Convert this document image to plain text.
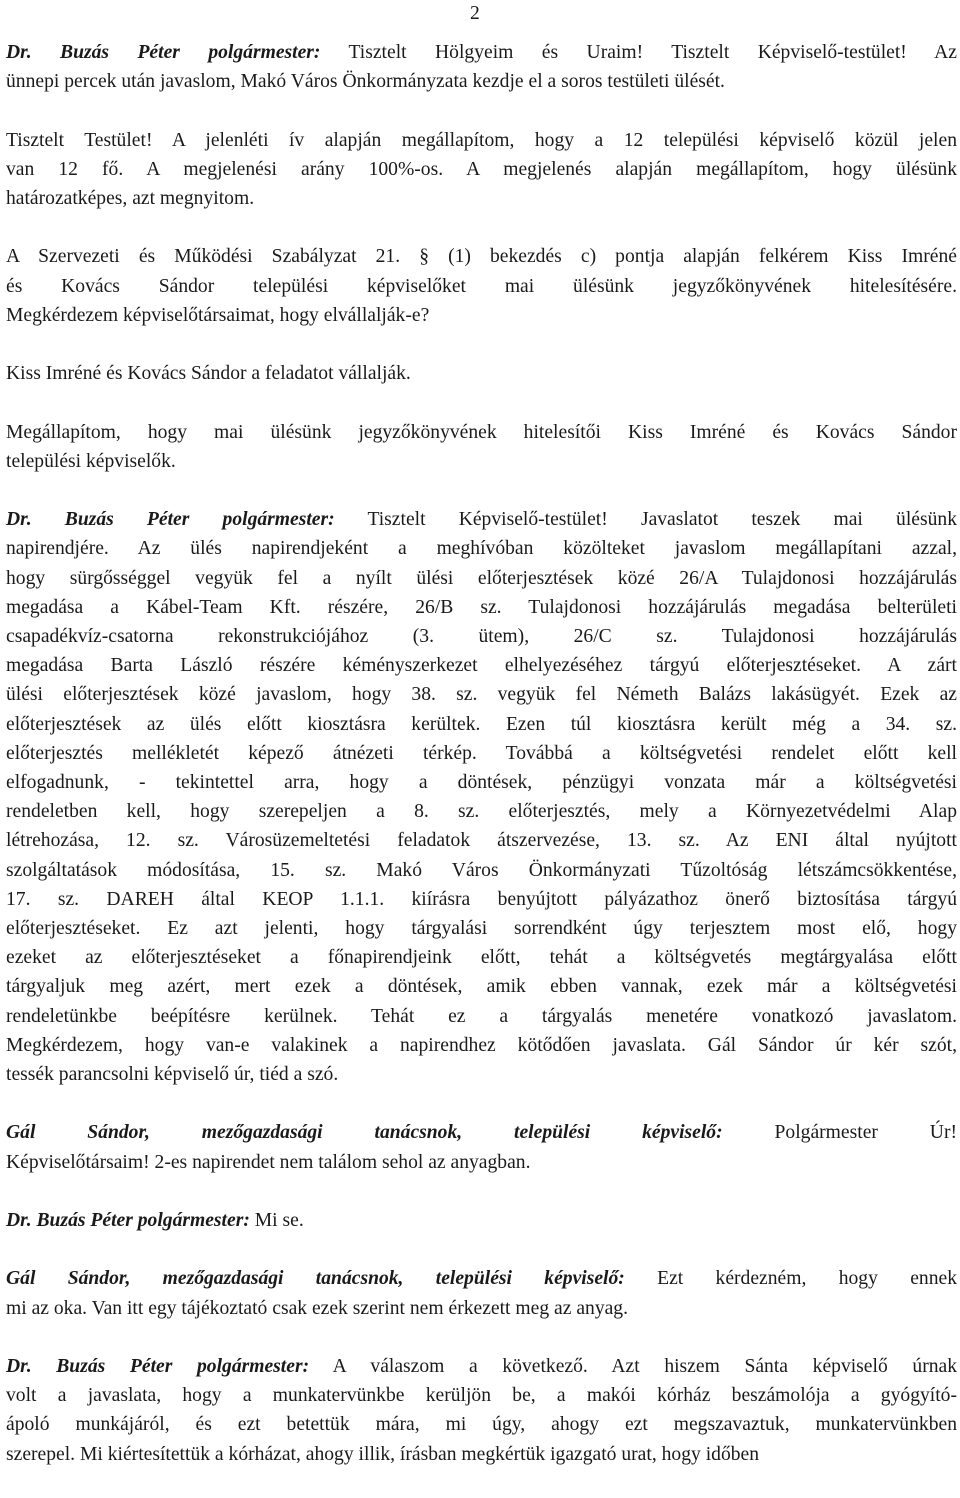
2
Dr. Buzás Péter polgármester: Tisztelt Hölgyeim és Uraim! Tisztelt Képviselő-testület! Az
ünnepi percek után javaslom, Makó Város Önkormányzata kezdje el a soros testületi ülését.
Tisztelt Testület! A jelenléti ív alapján megállapítom, hogy a 12 települési képviselő közül jelen
van 12 fő. A megjelenési arány 100%-os. A megjelenés alapján megállapítom, hogy ülésünk
határozatképes, azt megnyitom.
A Szervezeti és Működési Szabályzat 21. § (1) bekezdés c) pontja alapján felkérem Kiss Imréné
és Kovács Sándor települési képviselőket mai ülésünk jegyzőkönyvének hitelesítésére.
Megkérdezem képviselőtársaimat, hogy elvállalják-e?
Kiss Imréné és Kovács Sándor a feladatot vállalják.
Megállapítom, hogy mai ülésünk jegyzőkönyvének hitelesítői Kiss Imréné és Kovács Sándor
települési képviselők.
Dr. Buzás Péter polgármester: Tisztelt Képviselő-testület! Javaslatot teszek mai ülésünk
napirendjére. Az ülés napirendjeként a meghívóban közölteket javaslom megállapítani azzal,
hogy sürgősséggel vegyük fel a nyílt ülési előterjesztések közé 26/A Tulajdonosi hozzájárulás
megadása a Kábel-Team Kft. részére, 26/B sz. Tulajdonosi hozzájárulás megadása belterületi
csapadékvíz-csatorna rekonstrukciójához (3. ütem), 26/C sz. Tulajdonosi hozzájárulás
megadása Barta László részére kéményszerkezet elhelyezéséhez tárgyú előterjesztéseket. A zárt
ülési előterjesztések közé javaslom, hogy 38. sz. vegyük fel Németh Balázs lakásügyét. Ezek az
előterjesztések az ülés előtt kiosztásra kerültek. Ezen túl kiosztásra került még a 34. sz.
előterjesztés mellékletét képező átnézeti térkép. Továbbá a költségvetési rendelet előtt kell
elfogadnunk, - tekintettel arra, hogy a döntések, pénzügyi vonzata már a költségvetési
rendeletben kell, hogy szerepeljen a 8. sz. előterjesztés, mely a Környezetvédelmi Alap
létrehozása, 12. sz. Városüzemeltetési feladatok átszervezése, 13. sz. Az ENI által nyújtott
szolgáltatások módosítása, 15. sz. Makó Város Önkormányzati Tűzoltóság létszámcsökkentése,
17. sz. DAREH által KEOP 1.1.1. kiírásra benyújtott pályázathoz önerő biztosítása tárgyú
előterjesztéseket. Ez azt jelenti, hogy tárgyalási sorrendként úgy terjesztem most elő, hogy
ezeket az előterjesztéseket a főnapirendjeink előtt, tehát a költségvetés megtárgyalása előtt
tárgyaljuk meg azért, mert ezek a döntések, amik ebben vannak, ezek már a költségvetési
rendeletünkbe beépítésre kerülnek. Tehát ez a tárgyalás menetére vonatkozó javaslatom.
Megkérdezem, hogy van-e valakinek a napirendhez kötődően javaslata. Gál Sándor úr kér szót,
tessék parancsolni képviselő úr, tiéd a szó.
Gál Sándor, mezőgazdasági tanácsnok, települési képviselő: Polgármester Úr!
Képviselőtársaim! 2-es napirendet nem találom sehol az anyagban.
Dr. Buzás Péter polgármester: Mi se.
Gál Sándor, mezőgazdasági tanácsnok, települési képviselő: Ezt kérdezném, hogy ennek
mi az oka. Van itt egy tájékoztató csak ezek szerint nem érkezett meg az anyag.
Dr. Buzás Péter polgármester: A válaszom a következő. Azt hiszem Sánta képviselő úrnak
volt a javaslata, hogy a munkatervünkbe kerüljön be, a makói kórház beszámolója a gyógyító-
ápoló munkájáról, és ezt betettük mára, mi úgy, ahogy ezt megszavaztuk, munkatervünkben
szerepel. Mi kiértesítettük a kórházat, ahogy illik, írásban megkértük igazgató urat, hogy időben
